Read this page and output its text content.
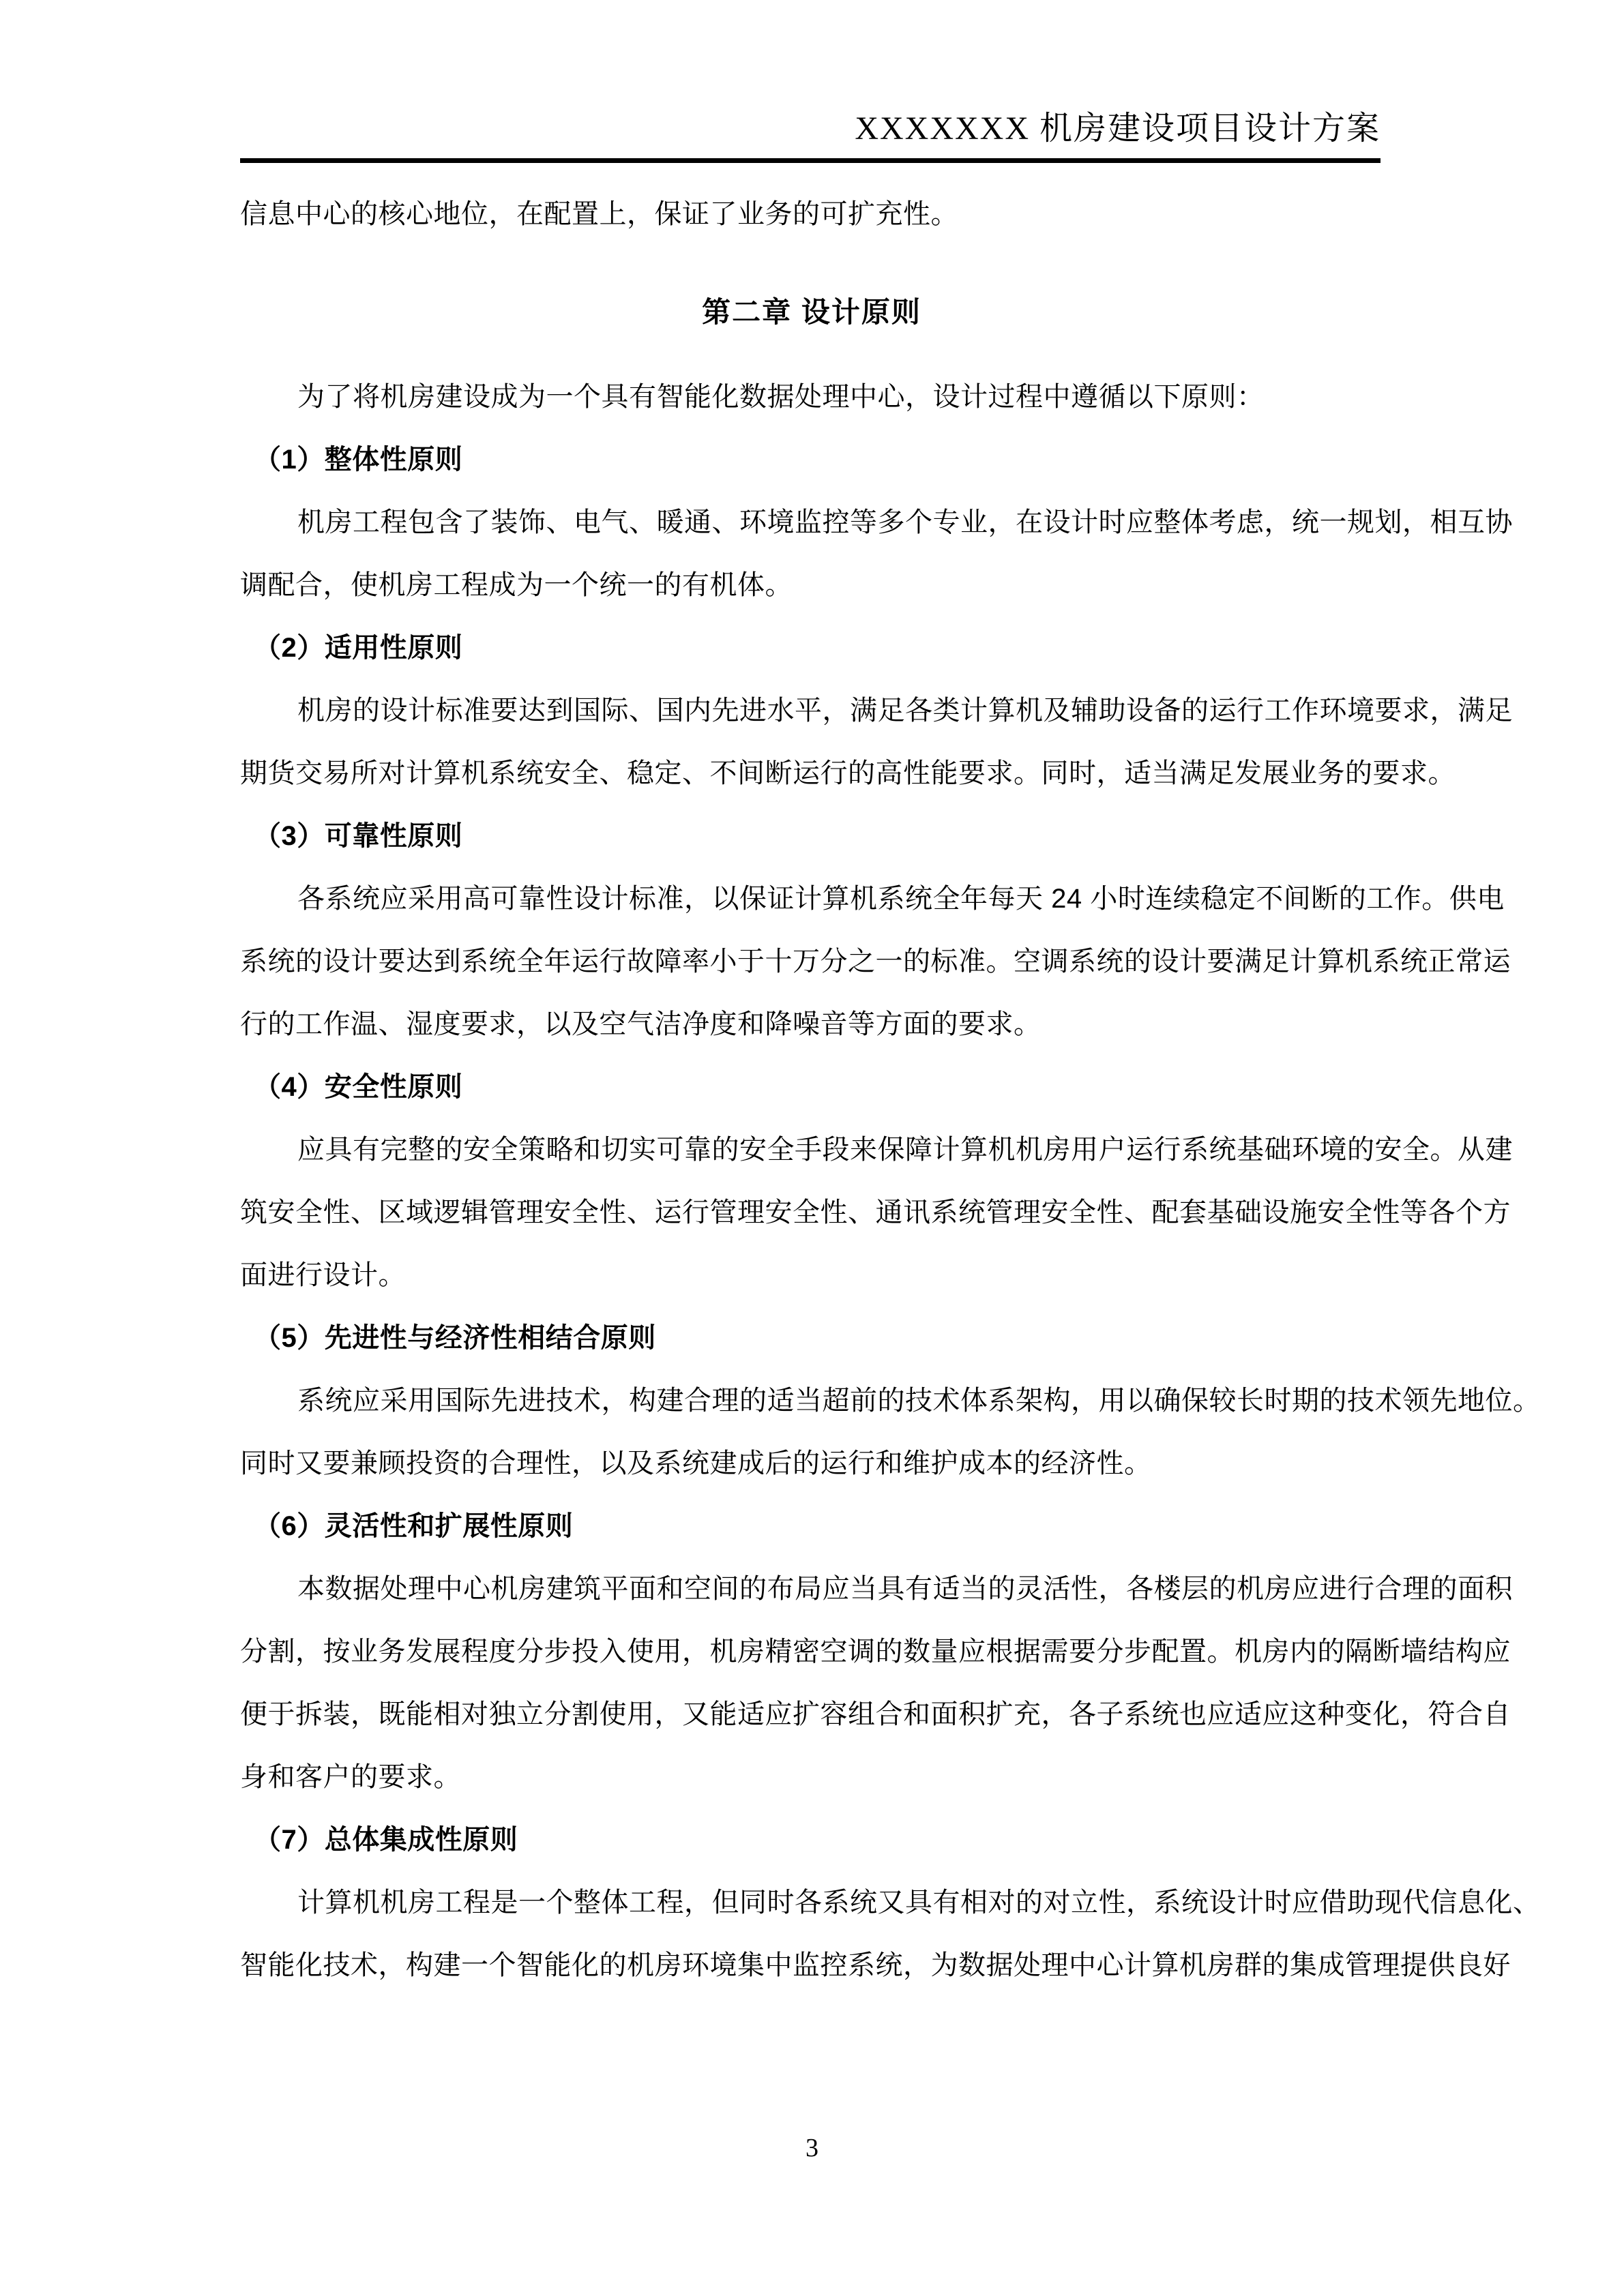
XXXXXXX 机房建设项目设计方案
信息中心的核心地位，在配置上，保证了业务的可扩充性。
第二章 设计原则
为了将机房建设成为一个具有智能化数据处理中心，设计过程中遵循以下原则：
（1）整体性原则
机房工程包含了装饰、电气、暖通、环境监控等多个专业，在设计时应整体考虑，统一规划，相互协
调配合，使机房工程成为一个统一的有机体。
（2）适用性原则
机房的设计标准要达到国际、国内先进水平，满足各类计算机及辅助设备的运行工作环境要求，满足
期货交易所对计算机系统安全、稳定、不间断运行的高性能要求。同时，适当满足发展业务的要求。
（3）可靠性原则
各系统应采用高可靠性设计标准，以保证计算机系统全年每天 24 小时连续稳定不间断的工作。供电
系统的设计要达到系统全年运行故障率小于十万分之一的标准。空调系统的设计要满足计算机系统正常运
行的工作温、湿度要求，以及空气洁净度和降噪音等方面的要求。
（4）安全性原则
应具有完整的安全策略和切实可靠的安全手段来保障计算机机房用户运行系统基础环境的安全。从建
筑安全性、区域逻辑管理安全性、运行管理安全性、通讯系统管理安全性、配套基础设施安全性等各个方
面进行设计。
（5）先进性与经济性相结合原则
系统应采用国际先进技术，构建合理的适当超前的技术体系架构，用以确保较长时期的技术领先地位。
同时又要兼顾投资的合理性，以及系统建成后的运行和维护成本的经济性。
（6）灵活性和扩展性原则
本数据处理中心机房建筑平面和空间的布局应当具有适当的灵活性，各楼层的机房应进行合理的面积
分割，按业务发展程度分步投入使用，机房精密空调的数量应根据需要分步配置。机房内的隔断墙结构应
便于拆装，既能相对独立分割使用，又能适应扩容组合和面积扩充，各子系统也应适应这种变化，符合自
身和客户的要求。
（7）总体集成性原则
计算机机房工程是一个整体工程，但同时各系统又具有相对的对立性，系统设计时应借助现代信息化、
智能化技术，构建一个智能化的机房环境集中监控系统，为数据处理中心计算机房群的集成管理提供良好
3
